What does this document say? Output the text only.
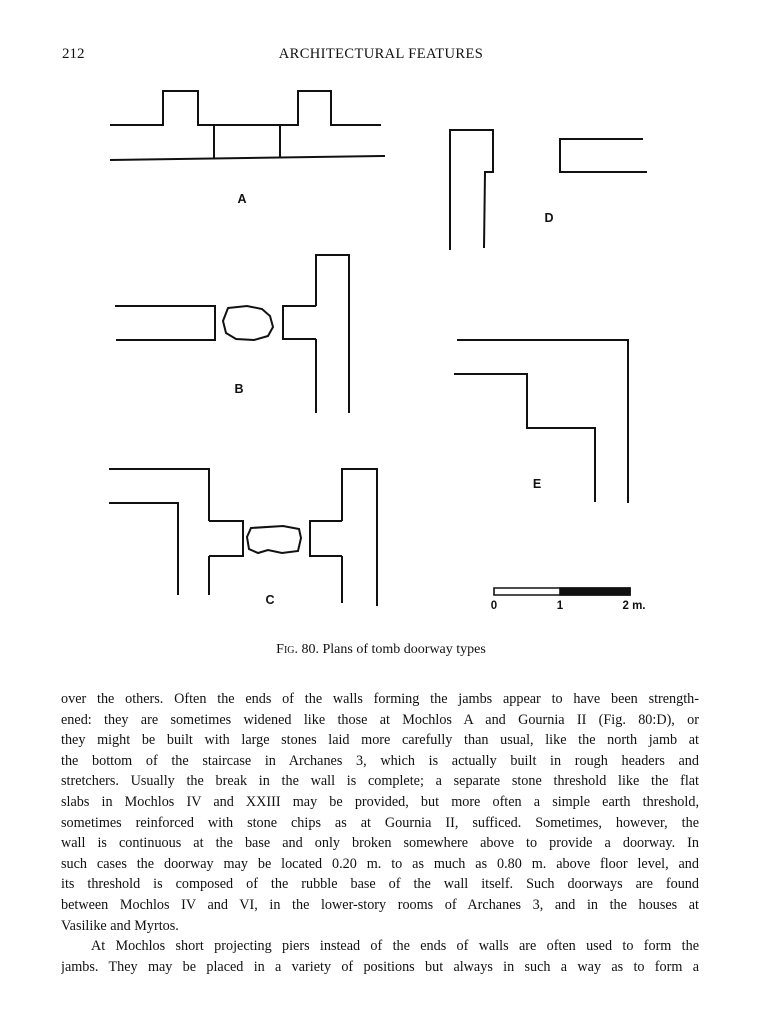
212	ARCHITECTURAL FEATURES
A
B
C
D
E
0	1	2 m.
Fig. 80. Plans of tomb doorway types
over the others. Often the ends of the walls forming the jambs appear to have been strength-
ened: they are sometimes widened like those at Mochlos A and Gournia II (Fig. 80:D), or
they might be built with large stones laid more carefully than usual, like the north jamb at
the bottom of the staircase in Archanes 3, which is actually built in rough headers and
stretchers. Usually the break in the wall is complete; a separate stone threshold like the flat
slabs in Mochlos IV and XXIII may be provided, but more often a simple earth threshold,
sometimes reinforced with stone chips as at Gournia II, sufficed. Sometimes, however, the
wall is continuous at the base and only broken somewhere above to provide a doorway. In
such cases the doorway may be located 0.20 m. to as much as 0.80 m. above floor level, and
its threshold is composed of the rubble base of the wall itself. Such doorways are found
between Mochlos IV and VI, in the lower-story rooms of Archanes 3, and in the houses at
Vasilike and Myrtos.
At Mochlos short projecting piers instead of the ends of walls are often used to form the
jambs. They may be placed in a variety of positions but always in such a way as to form a
